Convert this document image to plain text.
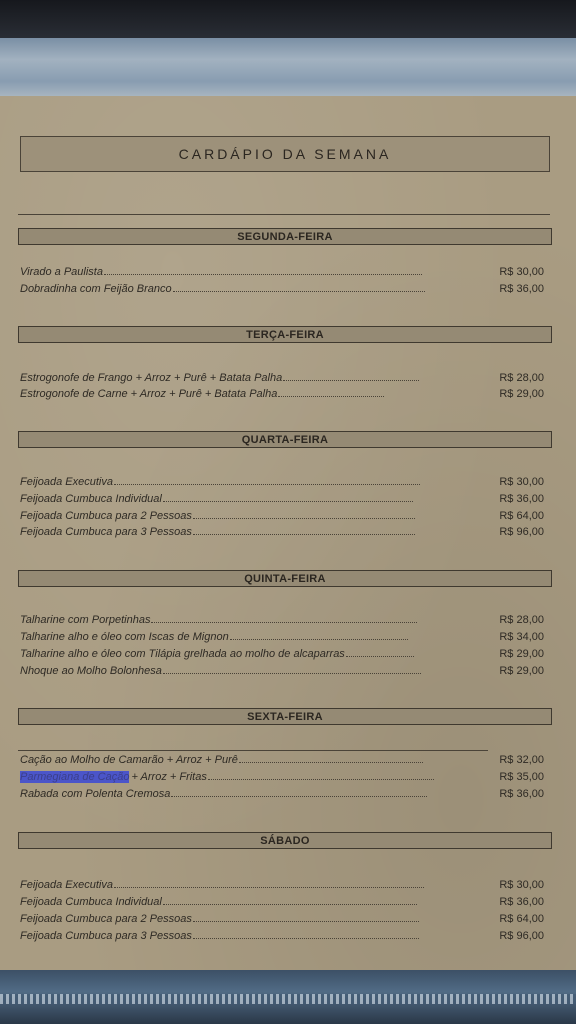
CARDÁPIO DA SEMANA
SEGUNDA-FEIRA
Virado a Paulista	R$ 30,00
Dobradinha com Feijão Branco	R$ 36,00
TERÇA-FEIRA
Estrogonofe de Frango + Arroz + Purê + Batata Palha	R$ 28,00
Estrogonofe de Carne + Arroz + Purê + Batata Palha	R$ 29,00
QUARTA-FEIRA
Feijoada Executiva	R$ 30,00
Feijoada Cumbuca Individual	R$ 36,00
Feijoada Cumbuca para 2 Pessoas	R$ 64,00
Feijoada Cumbuca para 3 Pessoas	R$ 96,00
QUINTA-FEIRA
Talharine com Porpetinhas	R$ 28,00
Talharine alho e óleo com Iscas de Mignon	R$ 34,00
Talharine alho e óleo com Tilápia grelhada ao molho de alcaparras	R$ 29,00
Nhoque ao Molho Bolonhesa	R$ 29,00
SEXTA-FEIRA
Cação ao Molho de Camarão + Arroz + Purê	R$ 32,00
Parmegiana de Cação + Arroz + Fritas	R$ 35,00
Rabada com Polenta Cremosa	R$ 36,00
SÁBADO
Feijoada Executiva	R$ 30,00
Feijoada Cumbuca Individual	R$ 36,00
Feijoada Cumbuca para 2 Pessoas	R$ 64,00
Feijoada Cumbuca para 3 Pessoas	R$ 96,00
